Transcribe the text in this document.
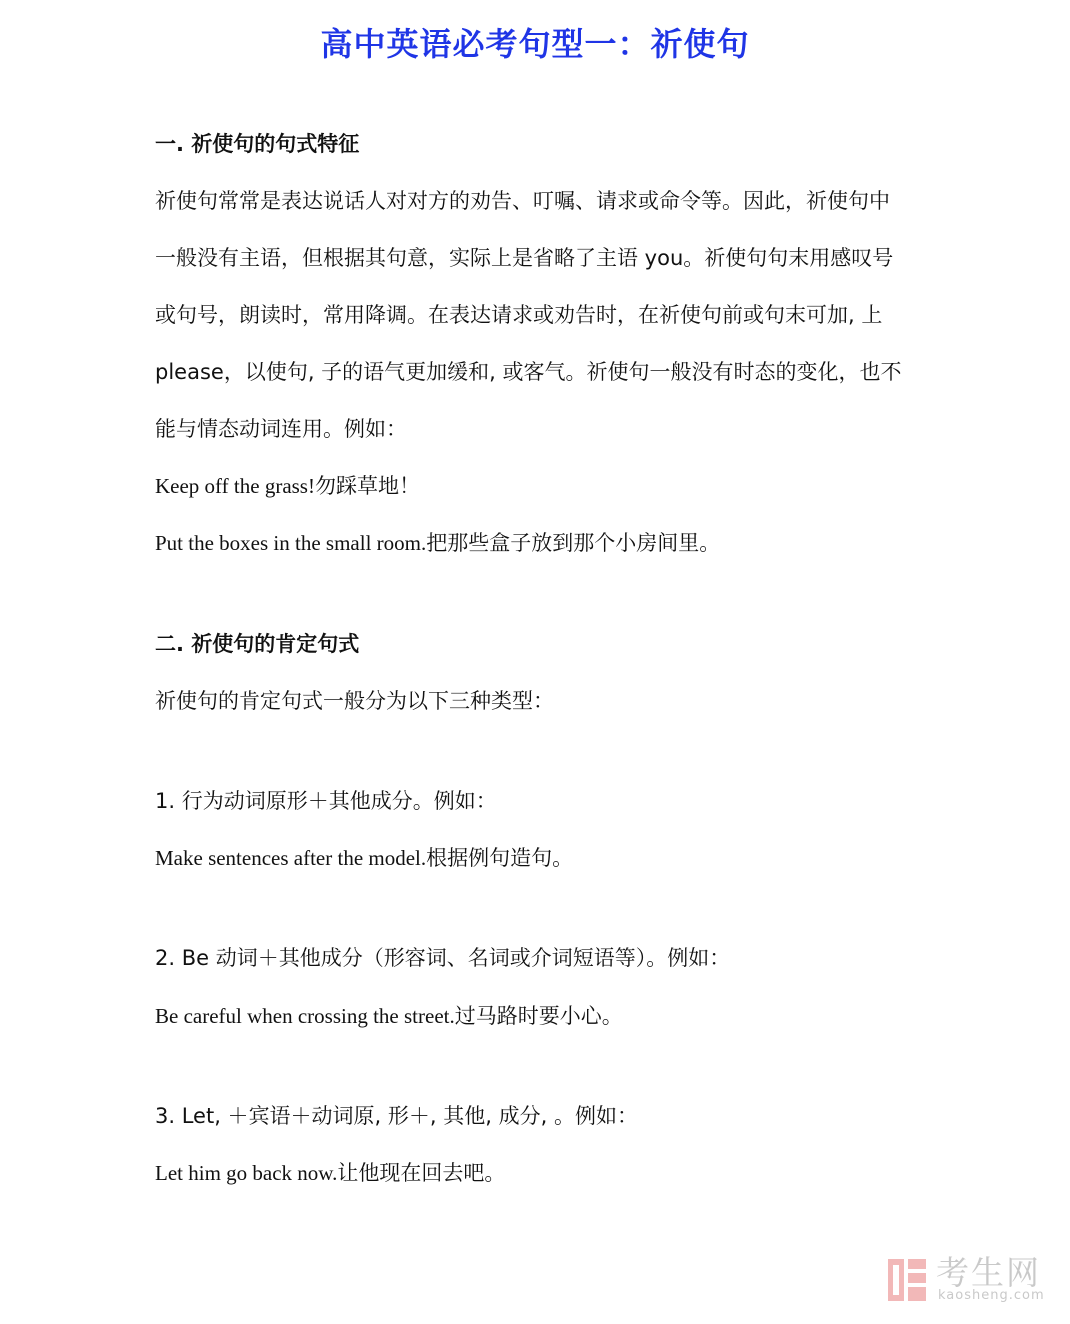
高中英语必考句型一：祈使句
一. 祈使句的句式特征
祈使句常常是表达说话人对对方的劝告、叮嘱、请求或命令等。因此，祈使句中
一般没有主语，但根据其句意，实际上是省略了主语 you。祈使句句末用感叹号
或句号，朗读时，常用降调。在表达请求或劝告时，在祈使句前或句末可加, 上
please，以使句, 子的语气更加缓和, 或客气。祈使句一般没有时态的变化，也不
能与情态动词连用。例如：
Keep off the grass!勿踩草地！
Put the boxes in the small room.把那些盒子放到那个小房间里。
二. 祈使句的肯定句式
祈使句的肯定句式一般分为以下三种类型：
1. 行为动词原形＋其他成分。例如：
Make sentences after the model.根据例句造句。
2. Be 动词＋其他成分（形容词、名词或介词短语等）。例如：
Be careful when crossing the street.过马路时要小心。
3. Let, ＋宾语＋动词原, 形＋, 其他, 成分, 。例如：
Let him go back now.让他现在回去吧。
考生网
kaosheng.com
